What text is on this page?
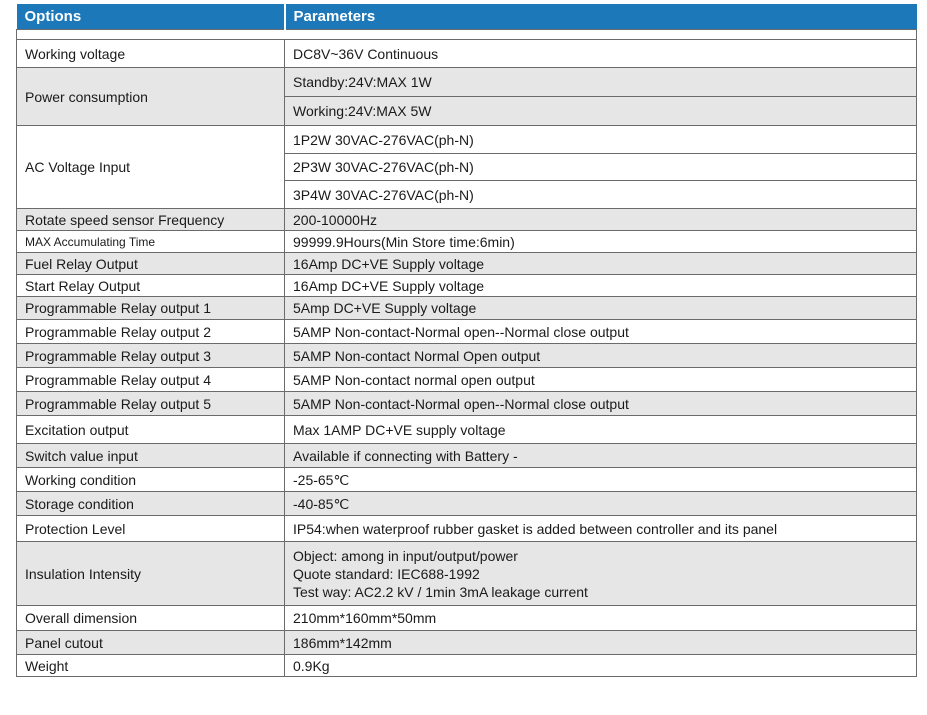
Options	Parameters

Working voltage	DC8V~36V Continuous
Power consumption	Standby:24V:MAX 1W
	Working:24V:MAX 5W
AC Voltage Input	1P2W 30VAC-276VAC(ph-N)
	2P3W 30VAC-276VAC(ph-N)
	3P4W 30VAC-276VAC(ph-N)
Rotate speed sensor Frequency	200-10000Hz
MAX Accumulating Time	99999.9Hours(Min Store time:6min)
Fuel Relay Output	16Amp DC+VE Supply voltage
Start Relay Output	16Amp DC+VE Supply voltage
Programmable Relay output 1	5Amp DC+VE Supply voltage
Programmable Relay output 2	5AMP Non-contact-Normal open--Normal close output
Programmable Relay output 3	5AMP Non-contact Normal Open output
Programmable Relay output 4	5AMP Non-contact normal open output
Programmable Relay output 5	5AMP Non-contact-Normal open--Normal close output
Excitation output	Max 1AMP DC+VE supply voltage
Switch value input	Available if connecting with Battery -
Working condition	-25-65℃
Storage condition	-40-85℃
Protection Level	IP54:when waterproof rubber gasket is added between controller and its panel
Insulation Intensity	Object: among in input/output/power
Quote standard: IEC688-1992
Test way: AC2.2 kV / 1min 3mA leakage current

Overall dimension	210mm*160mm*50mm
Panel cutout	186mm*142mm
Weight	0.9Kg
